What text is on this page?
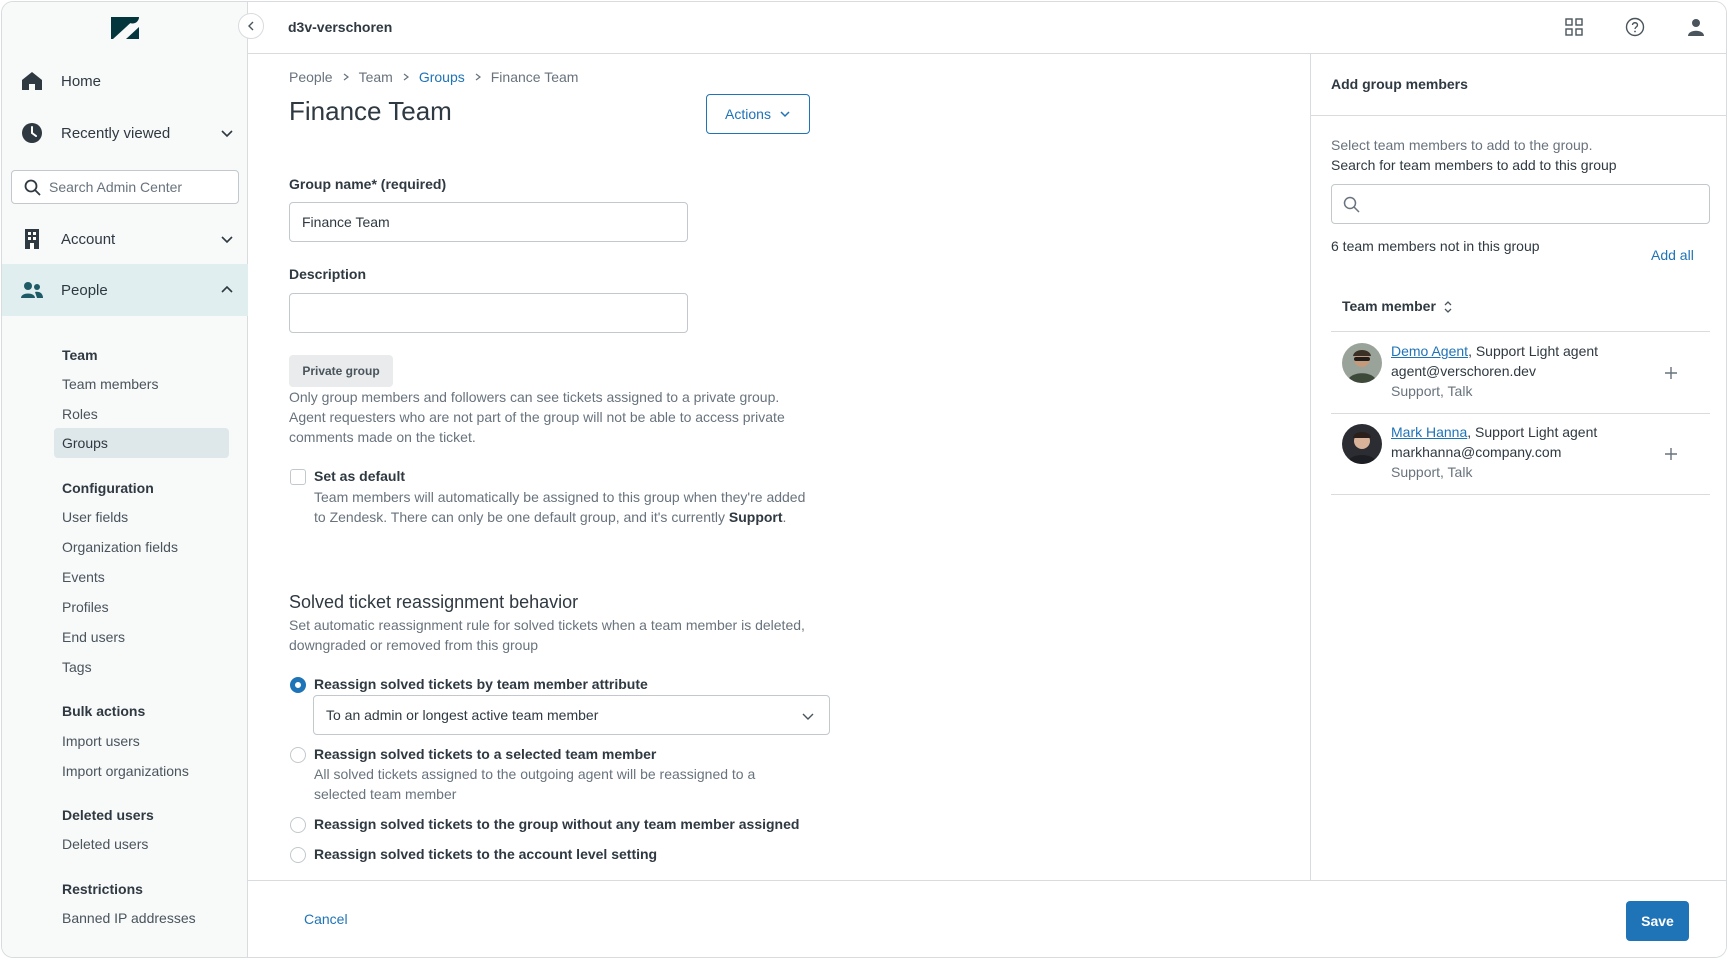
Home
Recently viewed
Search Admin Center
Account
People
Team
Team members
Roles
Groups
Configuration
User fields
Organization fields
Events
Profiles
End users
Tags
Bulk actions
Import users
Import organizations
Deleted users
Deleted users
Restrictions
Banned IP addresses
d3v-verschoren
People Team Groups Finance Team
Finance Team	Actions
Group name* (required)
Finance Team
Description
Private group
Only group members and followers can see tickets assigned to a private group.
Agent requesters who are not part of the group will not be able to access private
comments made on the ticket.
Set as default
Team members will automatically be assigned to this group when they're added
to Zendesk. There can only be one default group, and it's currently Support.
Solved ticket reassignment behavior
Set automatic reassignment rule for solved tickets when a team member is deleted,
downgraded or removed from this group
Reassign solved tickets by team member attribute
To an admin or longest active team member
Reassign solved tickets to a selected team member
All solved tickets assigned to the outgoing agent will be reassigned to a
selected team member
Reassign solved tickets to the group without any team member assigned
Reassign solved tickets to the account level setting
Add group members
Select team members to add to the group.
Search for team members to add to this group
6 team members not in this group
Add all
Team member
Demo Agent, Support Light agent
agent@verschoren.dev
Support, Talk
Mark Hanna, Support Light agent
markhanna@company.com
Support, Talk
Cancel	Save
